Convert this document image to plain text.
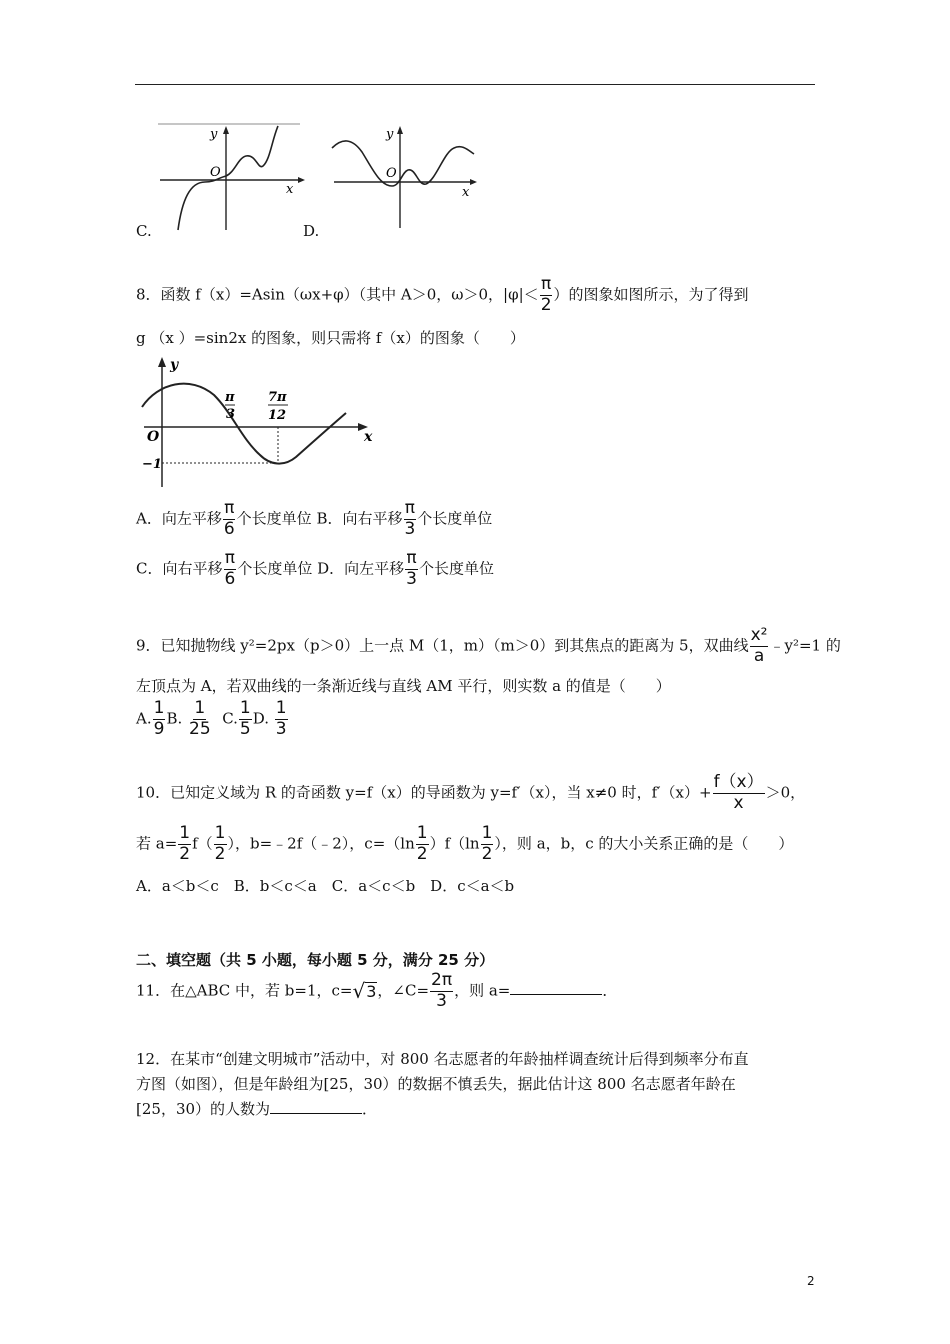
y
x
O
C.
y
x
O
D.
8．函数 f（x）=Asin（ωx+φ）（其中 A＞0，ω＞0，$|\varphi|< \frac{\pi}{2}$ ）的图象如图所示，为了得到
g （x ）=sin2x 的图象，则只需将 f（x）的图象（　　）
y
x
O
π
3
7π
12
−1
A．向左平移 $\frac{\pi}{6}$ 个长度单位 B．向右平移 $\frac{\pi}{3}$ 个长度单位
C．向右平移 $\frac{\pi}{6}$ 个长度单位 D．向左平移 $\frac{\pi}{3}$ 个长度单位
9．已知抛物线 y²=2px（p＞0）上一点 M（1，m）（m＞0）到其焦点的距离为 5，双曲线 $\frac{\text{x²}}{a}$ ﹣y²=1 的
左顶点为 A，若双曲线的一条渐近线与直线 AM 平行，则实数 a 的值是（　　）
A. $\frac{1}{9} B$. $\frac{1}{25} C$. $\frac{1}{5} D$. $\frac{1}{3}$
10．已知定义域为 R 的奇函数 y=f（x）的导函数为 y=f′（x），当 x≠0 时，$f'(x)+ \frac{f(x)}{x} >0$，
若 $a= \frac{1}{2} f( \frac{1}{2}$ ），b=﹣2f（﹣2），$c=(\ln \frac{1}{2} )f(\ln \frac{1}{2}$ ），则 a，b，c 的大小关系正确的是（　　）
A．a＜b＜c　B．b＜c＜a　C．a＜c＜b　D．c＜a＜b
二、填空题（共 5 小题，每小题 5 分，满分 25 分）
11．在△ABC 中，若 b=1，c= √ 3 ，∠C= $\frac{2\pi}{3}$ ，则 a=	．
12．在某市“创建文明城市”活动中，对 800 名志愿者的年龄抽样调查统计后得到频率分布直
方图（如图），但是年龄组为[25，30）的数据不慎丢失，据此估计这 800 名志愿者年龄在
[25，30）的人数为	．
2
